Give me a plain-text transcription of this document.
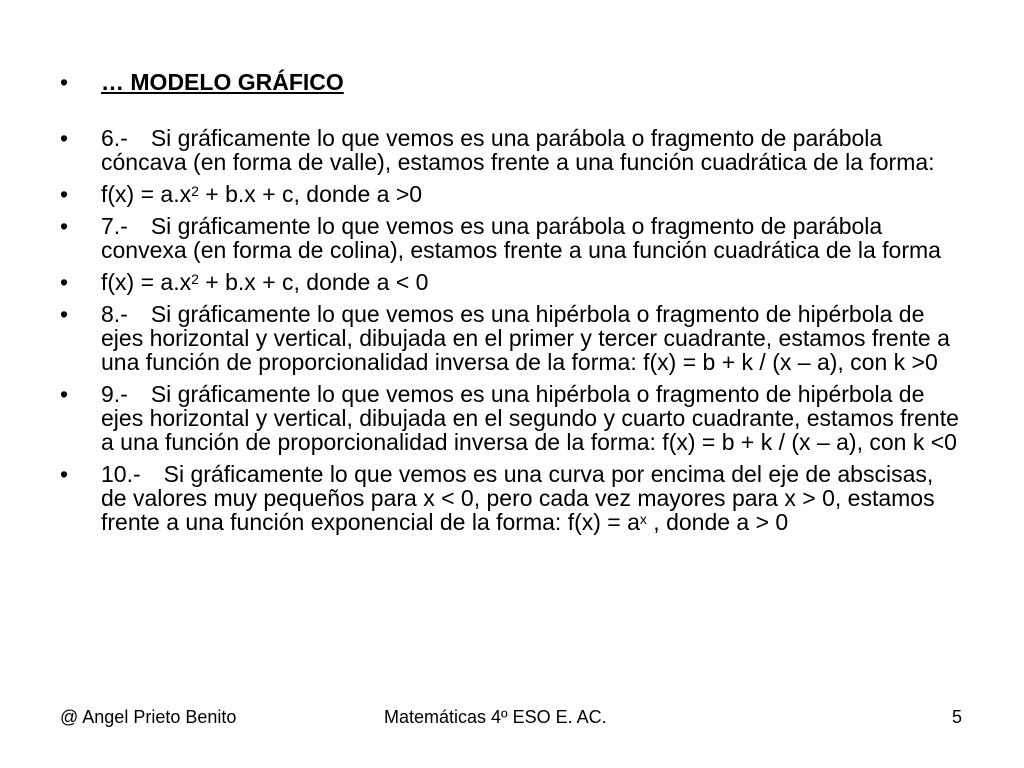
• … MODELO GRÁFICO
• 6.- Si gráficamente lo que vemos es una parábola o fragmento de parábola cóncava (en forma de valle), estamos frente a una función cuadrática de la forma:
• $f(x) = a.x^2 + b.x + c$, donde a >0
• 7.- Si gráficamente lo que vemos es una parábola o fragmento de parábola convexa (en forma de colina), estamos frente a una función cuadrática de la forma
• $f(x) = a.x^2 + b.x + c$, donde a < 0
• 8.- Si gráficamente lo que vemos es una hipérbola o fragmento de hipérbola de ejes horizontal y vertical, dibujada en el primer y tercer cuadrante, estamos frente a una función de proporcionalidad inversa de la forma: f(x) = b + k / (x – a), con k >0
• 9.- Si gráficamente lo que vemos es una hipérbola o fragmento de hipérbola de ejes horizontal y vertical, dibujada en el segundo y cuarto cuadrante, estamos frente a una función de proporcionalidad inversa de la forma: f(x) = b + k / (x – a), con k <0
• 10.- Si gráficamente lo que vemos es una curva por encima del eje de abscisas, de valores muy pequeños para x < 0, pero cada vez mayores para x > 0, estamos frente a una función exponencial de la forma: $f(x) = a^x$ , donde a > 0
@ Angel Prieto Benito	Matemáticas 4º ESO E. AC.	5
